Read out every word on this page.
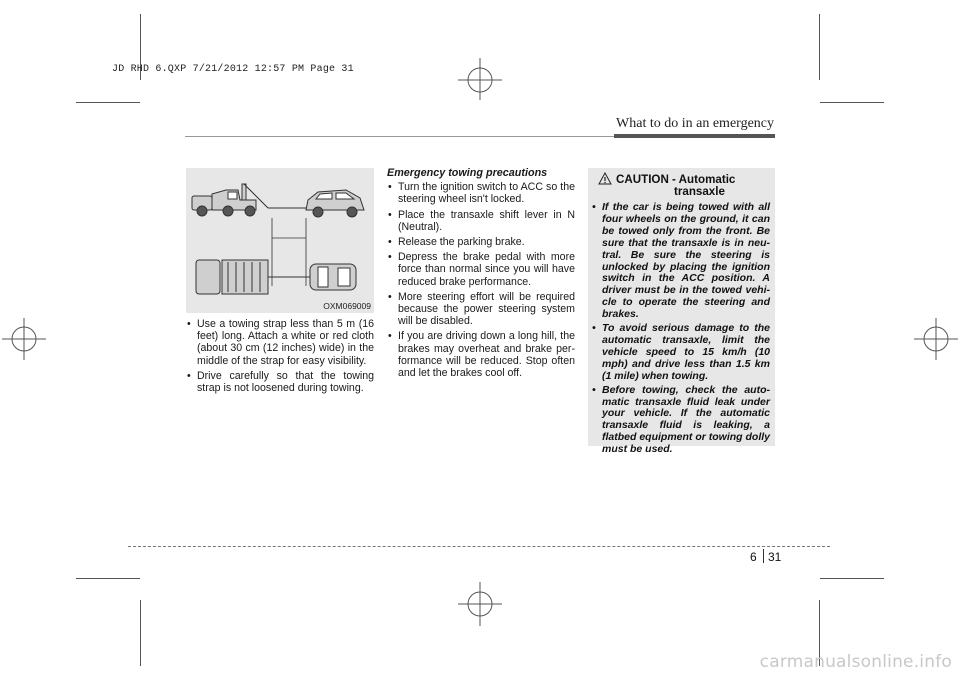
JD RHD 6.QXP 7/21/2012 12:57 PM Page 31
What to do in an emergency
OXM069009
• Use a towing strap less than 5 m (16 feet) long. Attach a white or red cloth (about 30 cm (12 inches) wide) in the middle of the strap for easy visibility.
• Drive carefully so that the towing strap is not loosened during towing.
Emergency towing precautions
• Turn the ignition switch to ACC so the steering wheel isn't locked.
• Place the transaxle shift lever in N (Neutral).
• Release the parking brake.
• Depress the brake pedal with more force than normal since you will have reduced brake performance.
• More steering effort will be required because the power steering system will be disabled.
• If you are driving down a long hill, the brakes may overheat and brake per-formance will be reduced. Stop often and let the brakes cool off.
CAUTION - Automatic
transaxle
• If the car is being towed with all four wheels on the ground, it can be towed only from the front. Be sure that the transaxle is in neu-tral. Be sure the steering is unlocked by placing the ignition switch in the ACC position. A driver must be in the towed vehi-cle to operate the steering and brakes.
• To avoid serious damage to the automatic transaxle, limit the vehicle speed to 15 km/h (10 mph) and drive less than 1.5 km (1 mile) when towing.
• Before towing, check the auto-matic transaxle fluid leak under your vehicle. If the automatic transaxle fluid is leaking, a flatbed equipment or towing dolly must be used.
6 31
carmanualsonline.info
